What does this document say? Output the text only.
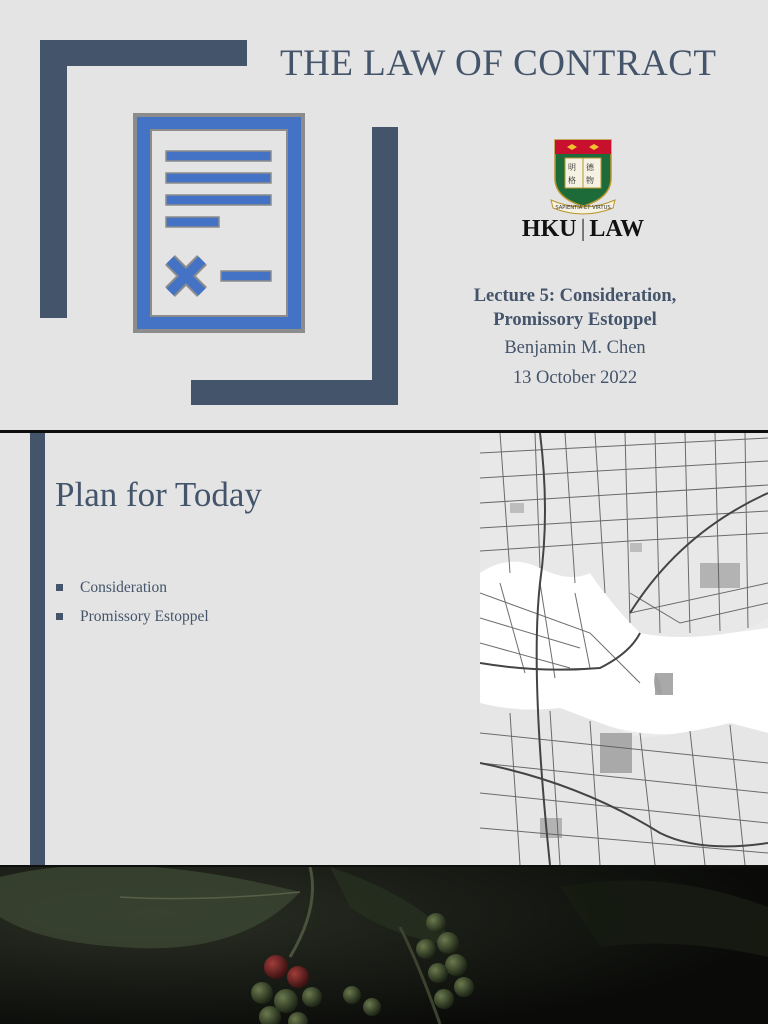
THE LAW OF CONTRACT
明 德
格 物
SAPIENTIA ET VIRTUS
HKU | LAW
Lecture 5: Consideration,
Promissory Estoppel
Benjamin M. Chen
13 October 2022
Plan for Today
Consideration
Promissory Estoppel
